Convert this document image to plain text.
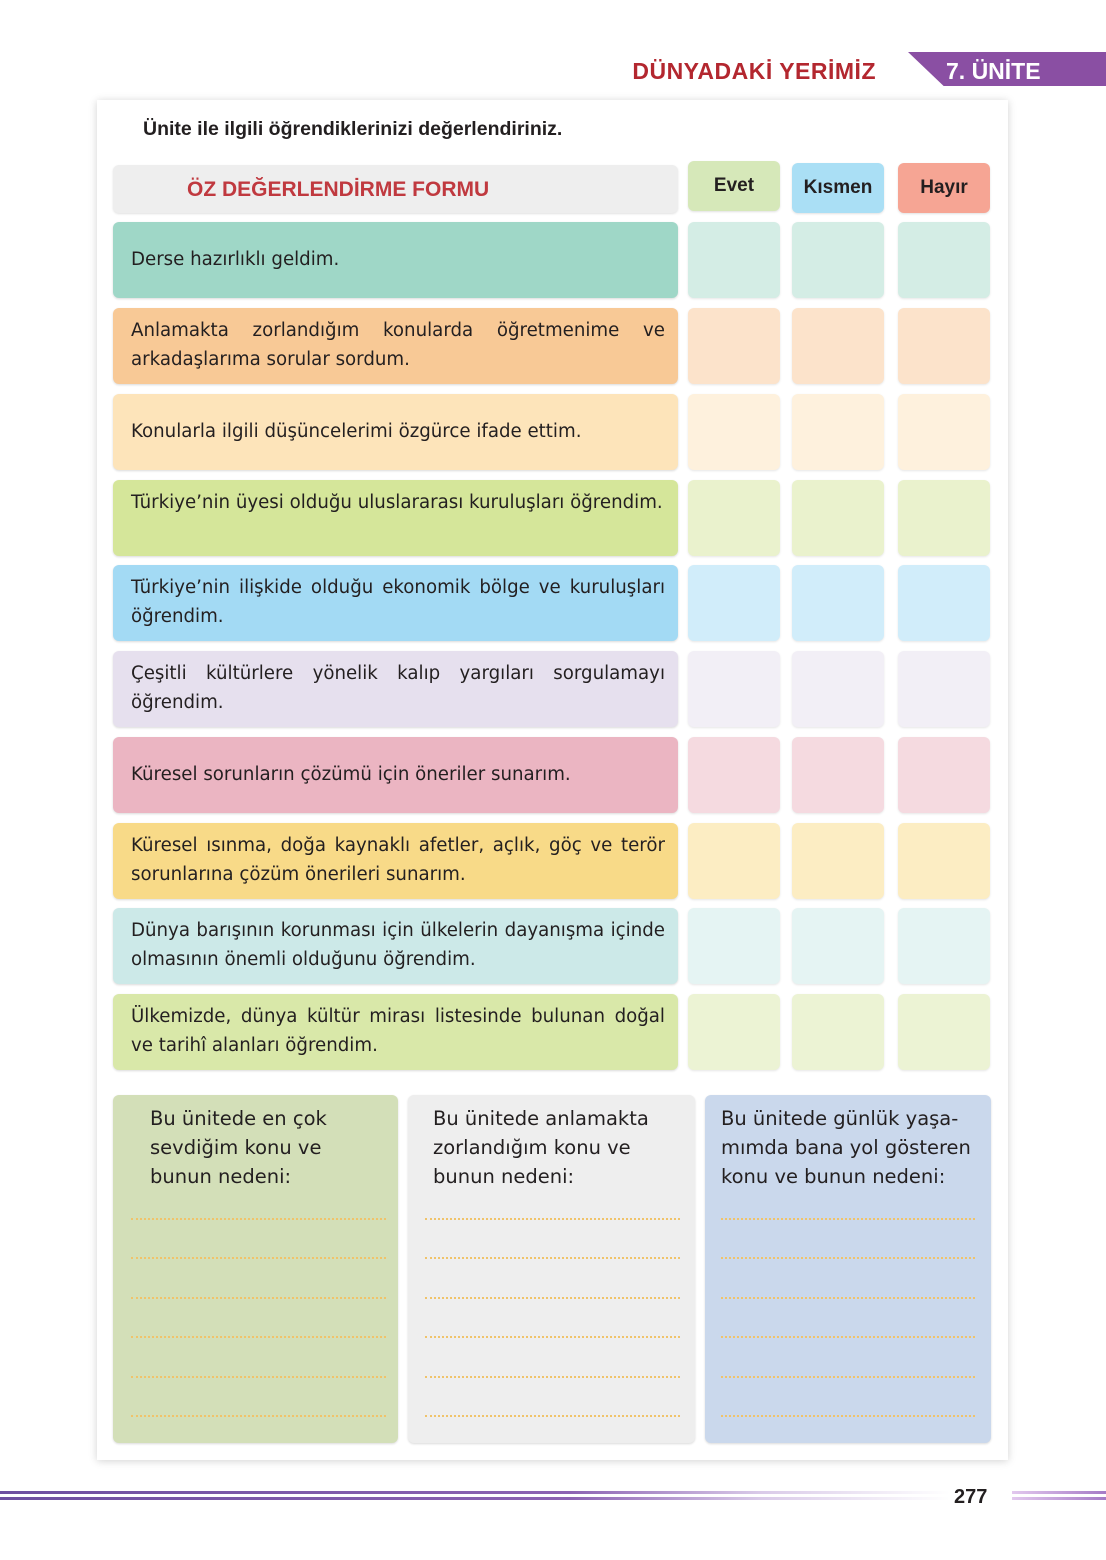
DÜNYADAKİ YERİMİZ	7. ÜNİTE
Ünite ile ilgili öğrendiklerinizi değerlendiriniz.
ÖZ DEĞERLENDİRME FORMU	Evet	Kısmen	Hayır
Derse hazırlıklı geldim.
Anlamakta zorlandığım konularda öğretmenime ve arkadaşlarıma sorular sordum.
Konularla ilgili düşüncelerimi özgürce ifade ettim.
Türkiye’nin üyesi olduğu uluslararası kuruluşları öğrendim.
Türkiye’nin ilişkide olduğu ekonomik bölge ve kuruluşları öğrendim.
Çeşitli kültürlere yönelik kalıp yargıları sorgulamayı öğrendim.
Küresel sorunların çözümü için öneriler sunarım.
Küresel ısınma, doğa kaynaklı afetler, açlık, göç ve terör sorunlarına çözüm önerileri sunarım.
Dünya barışının korunması için ülkelerin dayanışma içinde olmasının önemli olduğunu öğrendim.
Ülkemizde, dünya kültür mirası listesinde bulunan doğal ve tarihî alanları öğrendim.
Bu ünitede en çok sevdiğim konu ve bunun nedeni:
Bu ünitede anlamakta zorlandığım konu ve bunun nedeni:
Bu ünitede günlük yaşamımda bana yol gösteren konu ve bunun nedeni:
277
